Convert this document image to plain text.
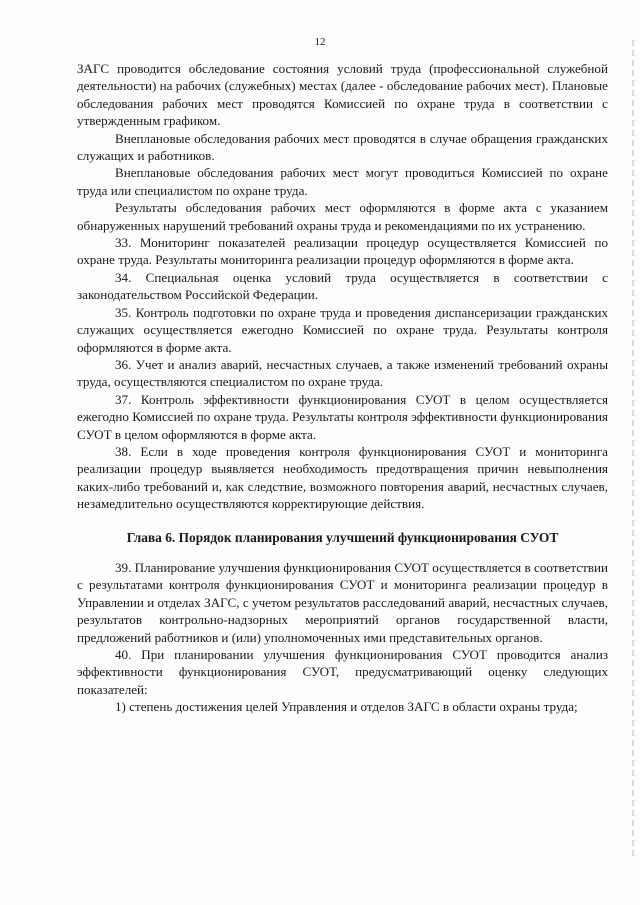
12

ЗАГС проводится обследование состояния условий труда (профессиональной служебной деятельности) на рабочих (служебных) местах (далее - обследование рабочих мест). Плановые обследования рабочих мест проводятся Комиссией по охране труда в соответствии с утвержденным графиком.

Внеплановые обследования рабочих мест проводятся в случае обращения гражданских служащих и работников.

Внеплановые обследования рабочих мест могут проводиться Комиссией по охране труда или специалистом по охране труда.

Результаты обследования рабочих мест оформляются в форме акта с указанием обнаруженных нарушений требований охраны труда и рекомендациями по их устранению.

33. Мониторинг показателей реализации процедур осуществляется Комиссией по охране труда. Результаты мониторинга реализации процедур оформляются в форме акта.

34. Специальная оценка условий труда осуществляется в соответствии с законодательством Российской Федерации.

35. Контроль подготовки по охране труда и проведения диспансеризации гражданских служащих осуществляется ежегодно Комиссией по охране труда. Результаты контроля оформляются в форме акта.

36. Учет и анализ аварий, несчастных случаев, а также изменений требований охраны труда, осуществляются специалистом по охране труда.

37. Контроль эффективности функционирования СУОТ в целом осуществляется ежегодно Комиссией по охране труда. Результаты контроля эффективности функционирования СУОТ в целом оформляются в форме акта.

38. Если в ходе проведения контроля функционирования СУОТ и мониторинга реализации процедур выявляется необходимость предотвращения причин невыполнения каких-либо требований и, как следствие, возможного повторения аварий, несчастных случаев, незамедлительно осуществляются корректирующие действия.

Глава 6. Порядок планирования улучшений функционирования СУОТ

39. Планирование улучшения функционирования СУОТ осуществляется в соответствии с результатами контроля функционирования СУОТ и мониторинга реализации процедур в Управлении и отделах ЗАГС, с учетом результатов расследований аварий, несчастных случаев, результатов контрольно-надзорных мероприятий органов государственной власти, предложений работников и (или) уполномоченных ими представительных органов.

40. При планировании улучшения функционирования СУОТ проводится анализ эффективности функционирования СУОТ, предусматривающий оценку следующих показателей:

1) степень достижения целей Управления и отделов ЗАГС в области охраны труда;
